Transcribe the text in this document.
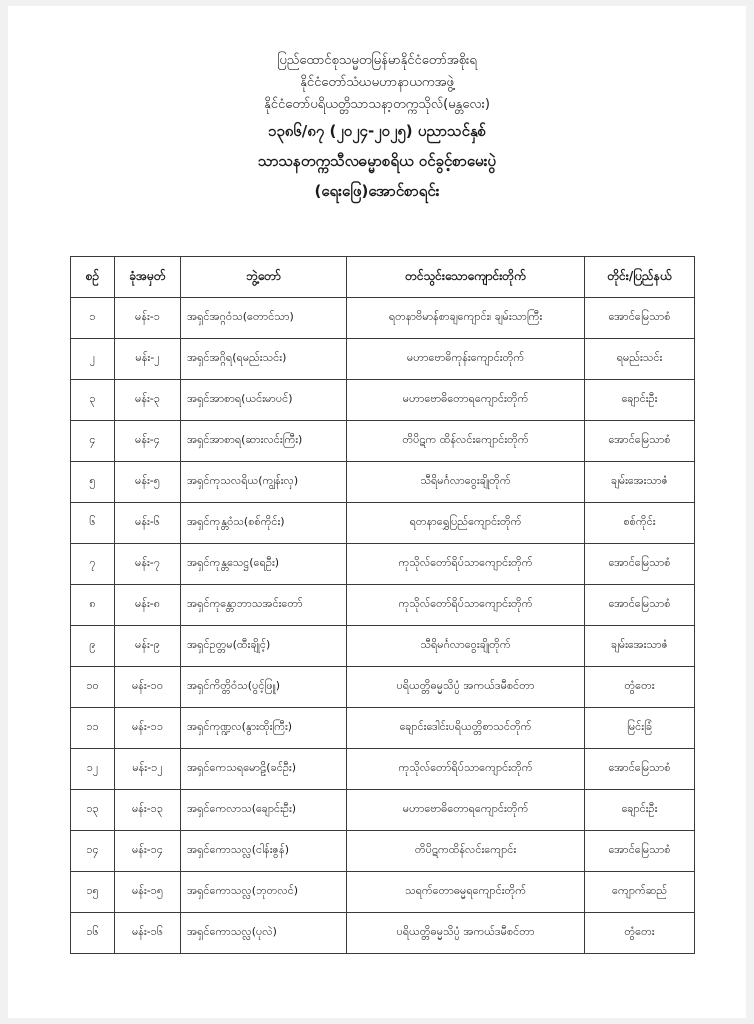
ပြည်ထောင်စုသမ္မတမြန်မာနိုင်ငံတော်အစိုးရ
နိုင်ငံတော်သံဃမဟာနာယကအဖွဲ့
နိုင်ငံတော်ပရိယတ္တိသာသနာ့တက္ကသိုလ်(မန္တလေး)
၁၃၈၆/၈၇ (၂၀၂၄-၂၀၂၅) ပညာသင်နှစ်
သာသနတက္ကသီလဓမ္မာစရိယ ဝင်ခွင့်စာမေးပွဲ
(ရေးဖြေ)အောင်စာရင်း
စဉ်	ခုံအမှတ်	ဘွဲ့တော်	တင်သွင်းသောကျောင်းတိုက်	တိုင်း/ပြည်နယ်
၁	မန်း-၁	အရှင်အဂ္ဂဝံသ(တောင်သာ)	ရတနာဗိမာန်စာချကျောင်း၊ ချမ်းသာကြီး	အောင်မြေသာစံ
၂	မန်း-၂	အရှင်အဂ္ဂိရ(ရမည်းသင်း)	မဟာဗောဓိကုန်းကျောင်းတိုက်	ရမည်းသင်း
၃	မန်း-၃	အရှင်အာစာရ(ယင်းမာပင်)	မဟာဗောဓိတောရကျောင်းတိုက်	ချောင်းဦး
၄	မန်း-၄	အရှင်အာစာရ(ဆားလင်းကြီး)	တိပိဋက ထိန်လင်းကျောင်းတိုက်	အောင်မြေသာစံ
၅	မန်း-၅	အရှင်ကုသလရိယ(ကျွန်းလှ)	သီရိမင်္ဂလာဝွေးချိုတိုက်	ချမ်းအေးသာဇံ
၆	မန်း-၆	အရှင်ကုန္တဝံသ(စစ်ကိုင်း)	ရတနာရွှေပြည်ကျောင်းတိုက်	စစ်ကိုင်း
၇	မန်း-၇	အရှင်ကုန္တသေဋ္ဌ(ရေဦး)	ကုသိုလ်တော်ရိပ်သာကျောင်းတိုက်	အောင်မြေသာစံ
၈	မန်း-၈	အရှင်ကုန္တောဘာသအင်းတော်	ကုသိုလ်တော်ရိပ်သာကျောင်းတိုက်	အောင်မြေသာစံ
၉	မန်း-၉	အရှင်ဥတ္တမ(ထီးချိုင့်)	သီရိမင်္ဂလာဝွေးချိုတိုက်	ချမ်းအေးသာဇံ
၁၀	မန်း-၁၀	အရှင်ကိတ္တိဝံသ(ပွင့်ဖြူ)	ပရိယတ္တိဓမ္မသိပ္ပံ အကယ်ဒမီစင်တာ	တွံတေး
၁၁	မန်း-၁၁	အရှင်ကုဏ္ဍလ(နွားထိုးကြီး)	ချောင်းဒေါင်းပရိယတ္တိစာသင်တိုက်	မြင်းခြံ
၁၂	မန်း-၁၂	အရှင်ကေသရမောဠိ(ခင်ဦး)	ကုသိုလ်တော်ရိပ်သာကျောင်းတိုက်	အောင်မြေသာစံ
၁၃	မန်း-၁၃	အရှင်ကေလာသ(ချောင်းဦး)	မဟာဗောဓိတောရကျောင်းတိုက်	ချောင်းဦး
၁၄	မန်း-၁၄	အရှင်ကောသလ္လ(ငါန်းဇွန်)	တိပိဋကထိန်လင်းကျောင်း	အောင်မြေသာစံ
၁၅	မန်း-၁၅	အရှင်ကောသလ္လ(ဘုတလင်)	သရက်တောဓမ္မရကျောင်းတိုက်	ကျောက်ဆည်
၁၆	မန်း-၁၆	အရှင်ကောသလ္လ(ပုလဲ)	ပရိယတ္တိဓမ္မသိပ္ပံ အကယ်ဒမီစင်တာ	တွံတေး
